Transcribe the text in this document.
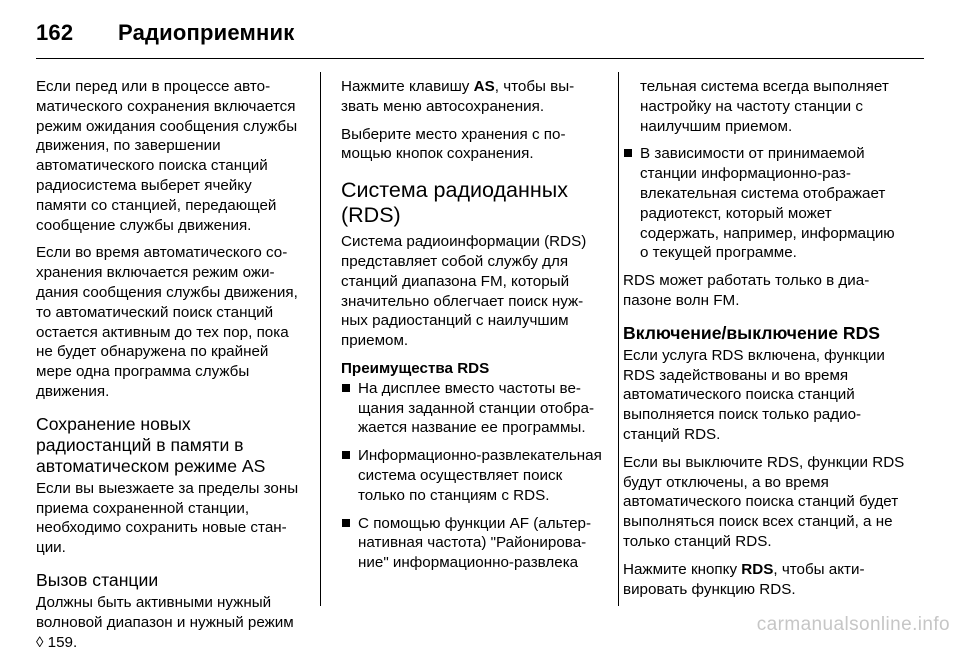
162 Радиоприемник

Если перед или в процессе автоматического сохранения включается режим ожидания сообщения службы движения, по завершении автоматического поиска станций радиосистема выберет ячейку памяти со станцией, передающей сообщение службы движения.

Если во время автоматического сохранения включается режим ожидания сообщения службы движения, то автоматический поиск станций остается активным до тех пор, пока не будет обнаружена по крайней мере одна программа службы движения.

Сохранение новых радиостанций в памяти в автоматическом режиме AS

Если вы выезжаете за пределы зоны приема сохраненной станции, необходимо сохранить новые станции.

Вызов станции

Должны быть активными нужный волновой диапазон и нужный режим ◊ 159.

Нажмите клавишу AS, чтобы вызвать меню автосохранения.

Выберите место хранения с помощью кнопок сохранения.

Система радиоданных (RDS)

Система радиоинформации (RDS) представляет собой службу для станций диапазона FM, который значительно облегчает поиск нужных радиостанций с наилучшим приемом.

Преимущества RDS
На дисплее вместо частоты вещания заданной станции отображается название ее программы.
Информационно-развлекательная система осуществляет поиск только по станциям с RDS.
С помощью функции AF (альтернативная частота) "Районирование" информационно-развлека

тельная система всегда выполняет настройку на частоту станции с наилучшим приемом.

В зависимости от принимаемой станции информационно-развлекательная система отображает радиотекст, который может содержать, например, информацию о текущей программе.

RDS может работать только в диапазоне волн FM.

Включение/выключение RDS

Если услуга RDS включена, функции RDS задействованы и во время автоматического поиска станций выполняется поиск только радиостанций RDS.

Если вы выключите RDS, функции RDS будут отключены, а во время автоматического поиска станций будет выполняться поиск всех станций, а не только станций RDS.

Нажмите кнопку RDS, чтобы активировать функцию RDS.

carmanualsonline.info
